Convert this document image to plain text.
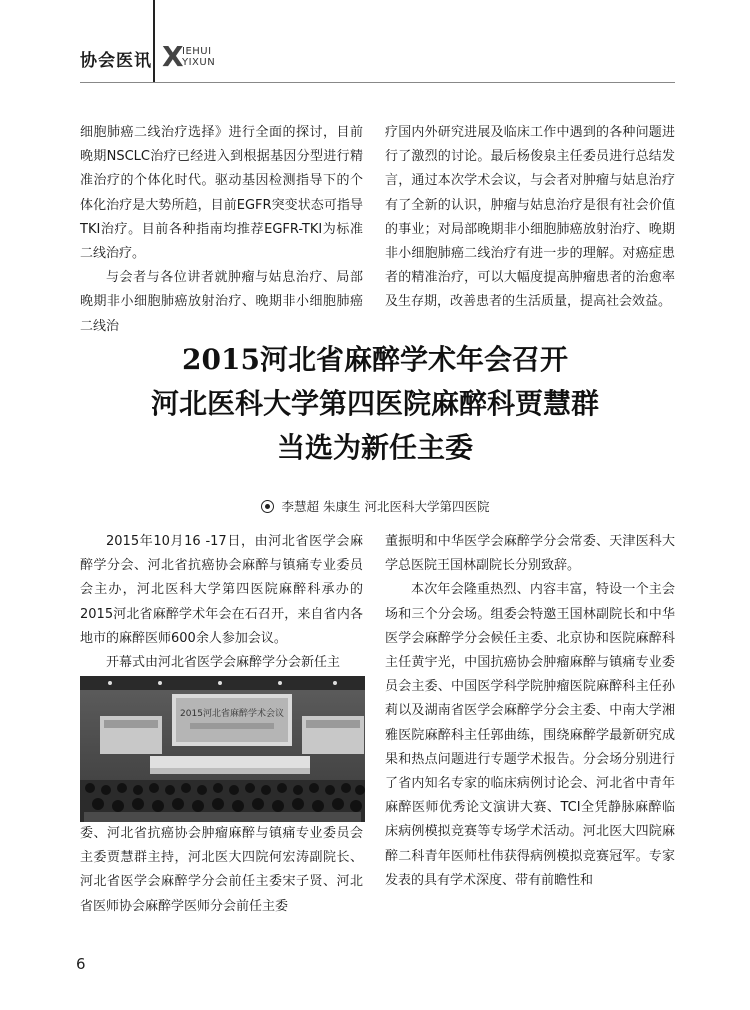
协会医讯 X
IEHUI
YIXUN

细胞肺癌二线治疗选择》进行全面的探讨，目前晚期NSCLC治疗已经进入到根据基因分型进行精准治疗的个体化时代。驱动基因检测指导下的个体化治疗是大势所趋，目前EGFR突变状态可指导TKI治疗。目前各种指南均推荐EGFR-TKI为标准二线治疗。

与会者与各位讲者就肿瘤与姑息治疗、局部晚期非小细胞肺癌放射治疗、晚期非小细胞肺癌二线治

疗国内外研究进展及临床工作中遇到的各种问题进行了激烈的讨论。最后杨俊泉主任委员进行总结发言，通过本次学术会议，与会者对肿瘤与姑息治疗有了全新的认识，肿瘤与姑息治疗是很有社会价值的事业；对局部晚期非小细胞肺癌放射治疗、晚期非小细胞肺癌二线治疗有进一步的理解。对癌症患者的精准治疗，可以大幅度提高肿瘤患者的治愈率及生存期，改善患者的生活质量，提高社会效益。

2015河北省麻醉学术年会召开
河北医科大学第四医院麻醉科贾慧群
当选为新任主委
李慧超 朱康生 河北医科大学第四医院

2015年10月16 -17日，由河北省医学会麻醉学分会、河北省抗癌协会麻醉与镇痛专业委员会主办，河北医科大学第四医院麻醉科承办的2015河北省麻醉学术年会在石召开，来自省内各地市的麻醉医师600余人参加会议。

开幕式由河北省医学会麻醉学分会新任主

2015河北省麻醉学术会议

委、河北省抗癌协会肿瘤麻醉与镇痛专业委员会主委贾慧群主持，河北医大四院何宏涛副院长、河北省医学会麻醉学分会前任主委宋子贤、河北省医师协会麻醉学医师分会前任主委

董振明和中华医学会麻醉学分会常委、天津医科大学总医院王国林副院长分别致辞。

本次年会隆重热烈、内容丰富，特设一个主会场和三个分会场。组委会特邀王国林副院长和中华医学会麻醉学分会候任主委、北京协和医院麻醉科主任黄宇光，中国抗癌协会肿瘤麻醉与镇痛专业委员会主委、中国医学科学院肿瘤医院麻醉科主任孙莉以及湖南省医学会麻醉学分会主委、中南大学湘雅医院麻醉科主任郭曲练，围绕麻醉学最新研究成果和热点问题进行专题学术报告。分会场分别进行了省内知名专家的临床病例讨论会、河北省中青年麻醉医师优秀论文演讲大赛、TCI全凭静脉麻醉临床病例模拟竞赛等专场学术活动。河北医大四院麻醉二科青年医师杜伟获得病例模拟竞赛冠军。专家发表的具有学术深度、带有前瞻性和

6
